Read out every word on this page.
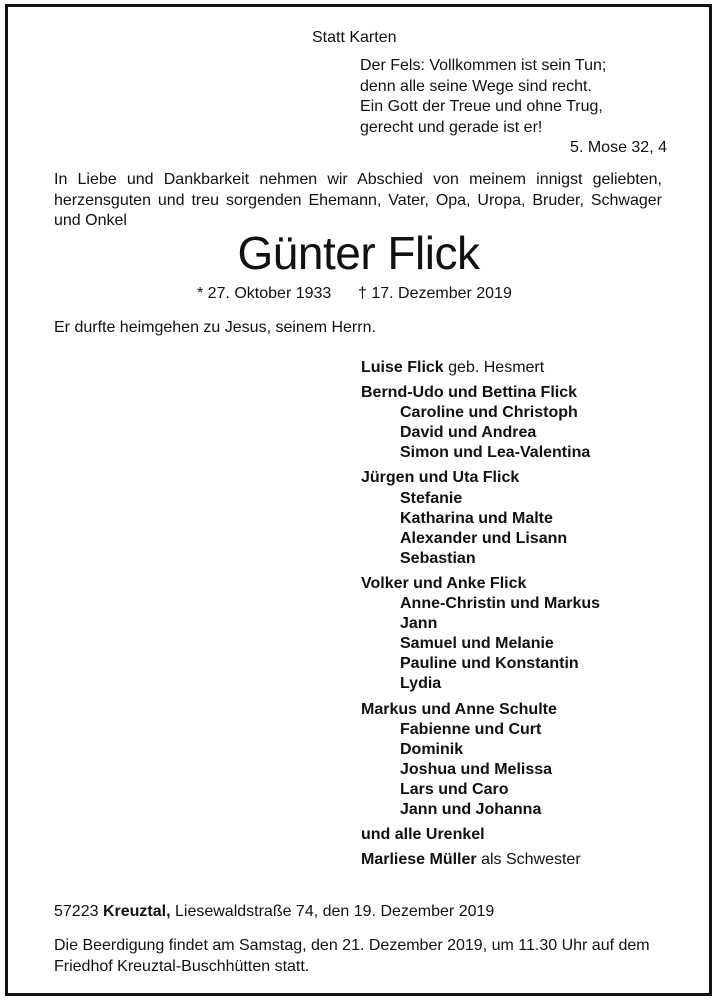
Statt Karten
Der Fels: Vollkommen ist sein Tun;
denn alle seine Wege sind recht.
Ein Gott der Treue und ohne Trug,
gerecht und gerade ist er!
5. Mose 32, 4
In Liebe und Dankbarkeit nehmen wir Abschied von meinem innigst geliebten, herzensguten und treu sorgenden Ehemann, Vater, Opa, Uropa, Bruder, Schwager und Onkel
Günter Flick
* 27. Oktober 1933 † 17. Dezember 2019
Er durfte heimgehen zu Jesus, seinem Herrn.
Luise Flick geb. Hesmert
Bernd-Udo und Bettina Flick
Caroline und Christoph
David und Andrea
Simon und Lea-Valentina
Jürgen und Uta Flick
Stefanie
Katharina und Malte
Alexander und Lisann
Sebastian
Volker und Anke Flick
Anne-Christin und Markus
Jann
Samuel und Melanie
Pauline und Konstantin
Lydia
Markus und Anne Schulte
Fabienne und Curt
Dominik
Joshua und Melissa
Lars und Caro
Jann und Johanna
und alle Urenkel
Marliese Müller als Schwester
57223 Kreuztal, Liesewaldstraße 74, den 19. Dezember 2019
Die Beerdigung findet am Samstag, den 21. Dezember 2019, um 11.30 Uhr auf dem Friedhof Kreuztal-Buschhütten statt.
